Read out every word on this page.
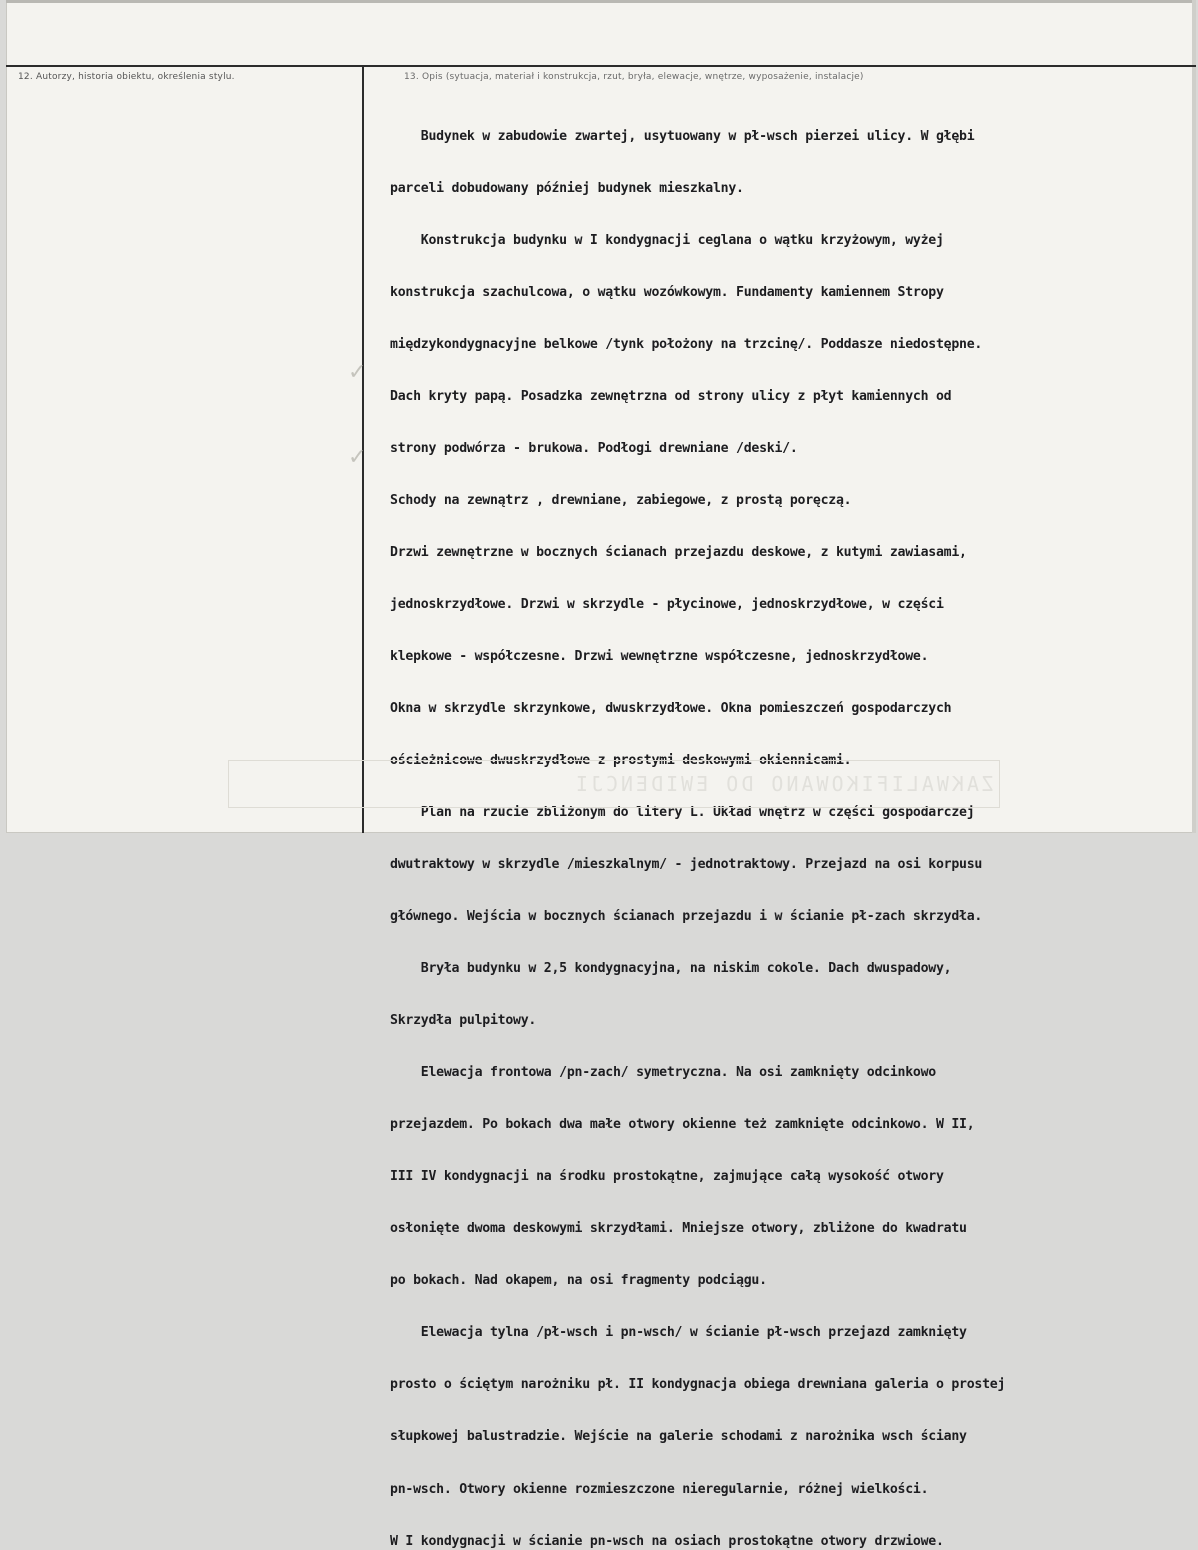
12. Autorzy, historia obiektu, określenia stylu.	13. Opis (sytuacja, materiał i konstrukcja, rzut, bryła, elewacje, wnętrze, wyposażenie, instalacje)

Budynek w zabudowie zwartej, usytuowany w pł-wsch pierzei ulicy. W głębi

parceli dobudowany później budynek mieszkalny.

Konstrukcja budynku w I kondygnacji ceglana o wątku krzyżowym, wyżej

konstrukcja szachulcowa, o wątku wozówkowym. Fundamenty kamiennem Stropy

międzykondygnacyjne belkowe /tynk położony na trzcinę/. Poddasze niedostępne.

Dach kryty papą. Posadzka zewnętrzna od strony ulicy z płyt kamiennych od

strony podwórza - brukowa. Podłogi drewniane /deski/.

Schody na zewnątrz , drewniane, zabiegowe, z prostą poręczą.

Drzwi zewnętrzne w bocznych ścianach przejazdu deskowe, z kutymi zawiasami,

jednoskrzydłowe. Drzwi w skrzydle - płycinowe, jednoskrzydłowe, w części

klepkowe - współczesne. Drzwi wewnętrzne współczesne, jednoskrzydłowe.

Okna w skrzydle skrzynkowe, dwuskrzydłowe. Okna pomieszczeń gospodarczych

ościeżnicowe dwuskrzydłowe z prostymi deskowymi okiennicami.

Plan na rzucie zbliżonym do litery L. Układ wnętrz w części gospodarczej

dwutraktowy w skrzydle /mieszkalnym/ - jednotraktowy. Przejazd na osi korpusu

głównego. Wejścia w bocznych ścianach przejazdu i w ścianie pł-zach skrzydła.

Bryła budynku w 2,5 kondygnacyjna, na niskim cokole. Dach dwuspadowy,

Skrzydła pulpitowy.

Elewacja frontowa /pn-zach/ symetryczna. Na osi zamknięty odcinkowo

przejazdem. Po bokach dwa małe otwory okienne też zamknięte odcinkowo. W II,

III IV kondygnacji na środku prostokątne, zajmujące całą wysokość otwory

osłonięte dwoma deskowymi skrzydłami. Mniejsze otwory, zbliżone do kwadratu

po bokach. Nad okapem, na osi fragmenty podciągu.

Elewacja tylna /pł-wsch i pn-wsch/ w ścianie pł-wsch przejazd zamknięty

prosto o ściętym narożniku pł. II kondygnacja obiega drewniana galeria o prostej

słupkowej balustradzie. Wejście na galerie schodami z narożnika wsch ściany

pn-wsch. Otwory okienne rozmieszczone nieregularnie, różnej wielkości.

W I kondygnacji w ścianie pn-wsch na osiach prostokątne otwory drzwiowe.
ZAKWALIFIKOWANO DO EWIDENCJI
✓
✓
